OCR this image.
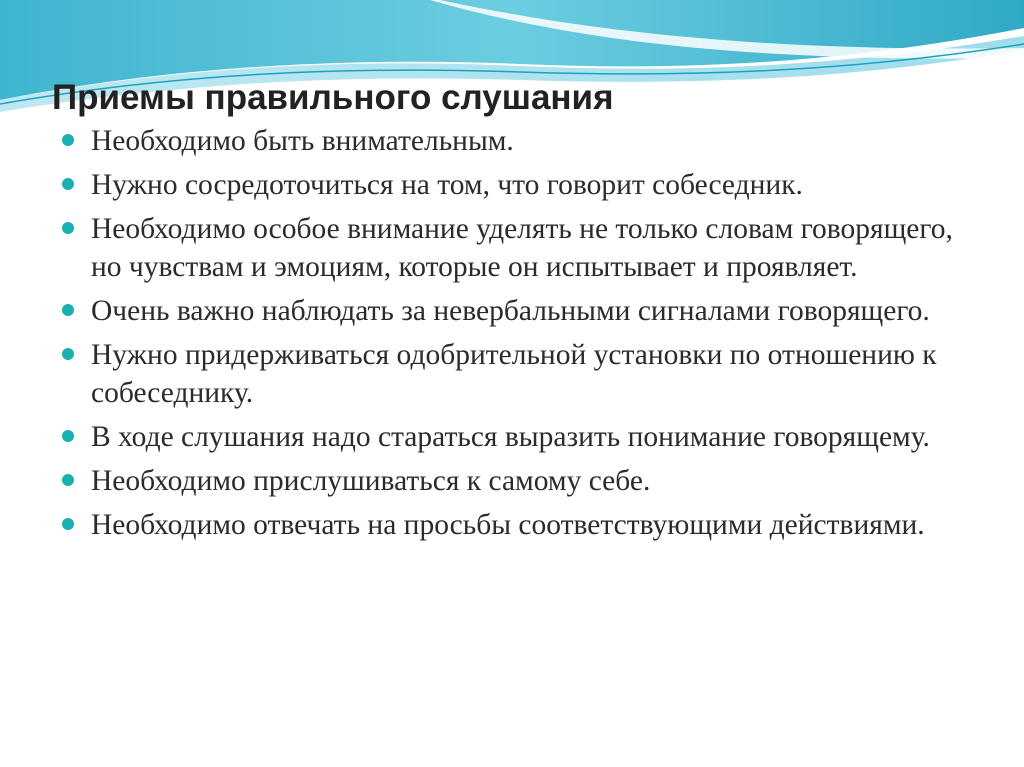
Приемы правильного слушания
Необходимо быть внимательным.
Нужно сосредоточиться на том, что говорит собеседник.
Необходимо особое внимание уделять не только словам говорящего, но чувствам и эмоциям, которые он испытывает и проявляет.
Очень важно наблюдать за невербальными сигналами говорящего.
Нужно придерживаться одобрительной установки по отношению к собеседнику.
В ходе слушания надо стараться выразить понимание говорящему.
Необходимо прислушиваться к самому себе.
Необходимо отвечать на просьбы соответствующими действиями.
